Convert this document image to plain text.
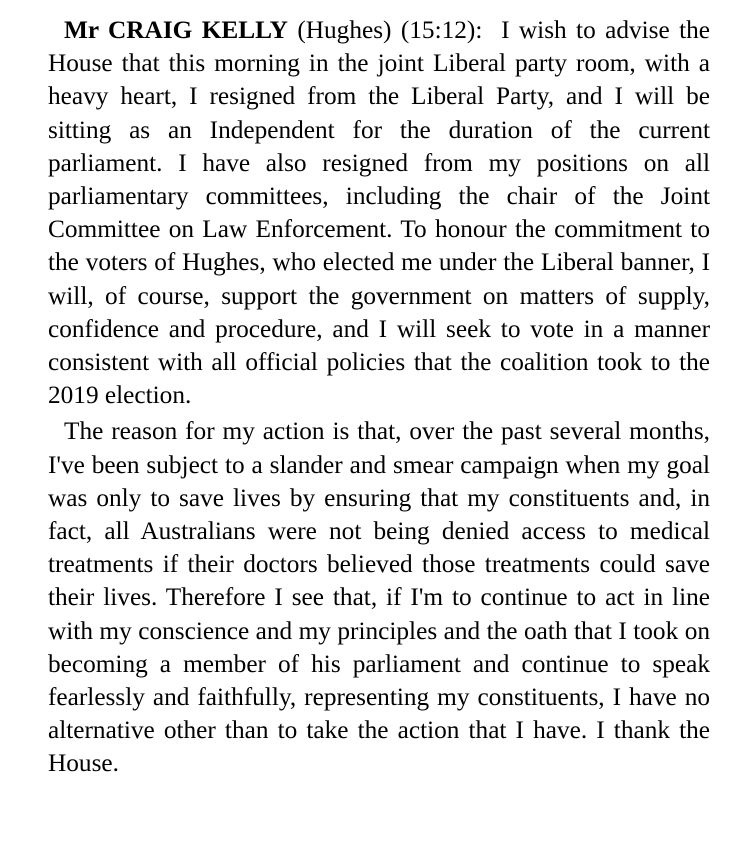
Mr CRAIG KELLY (Hughes) (15:12): I wish to advise the House that this morning in the joint Liberal party room, with a heavy heart, I resigned from the Liberal Party, and I will be sitting as an Independent for the duration of the current parliament. I have also resigned from my positions on all parliamentary committees, including the chair of the Joint Committee on Law Enforcement. To honour the commitment to the voters of Hughes, who elected me under the Liberal banner, I will, of course, support the government on matters of supply, confidence and procedure, and I will seek to vote in a manner consistent with all official policies that the coalition took to the 2019 election.

The reason for my action is that, over the past several months, I've been subject to a slander and smear campaign when my goal was only to save lives by ensuring that my constituents and, in fact, all Australians were not being denied access to medical treatments if their doctors believed those treatments could save their lives. Therefore I see that, if I'm to continue to act in line with my conscience and my principles and the oath that I took on becoming a member of his parliament and continue to speak fearlessly and faithfully, representing my constituents, I have no alternative other than to take the action that I have. I thank the House.
